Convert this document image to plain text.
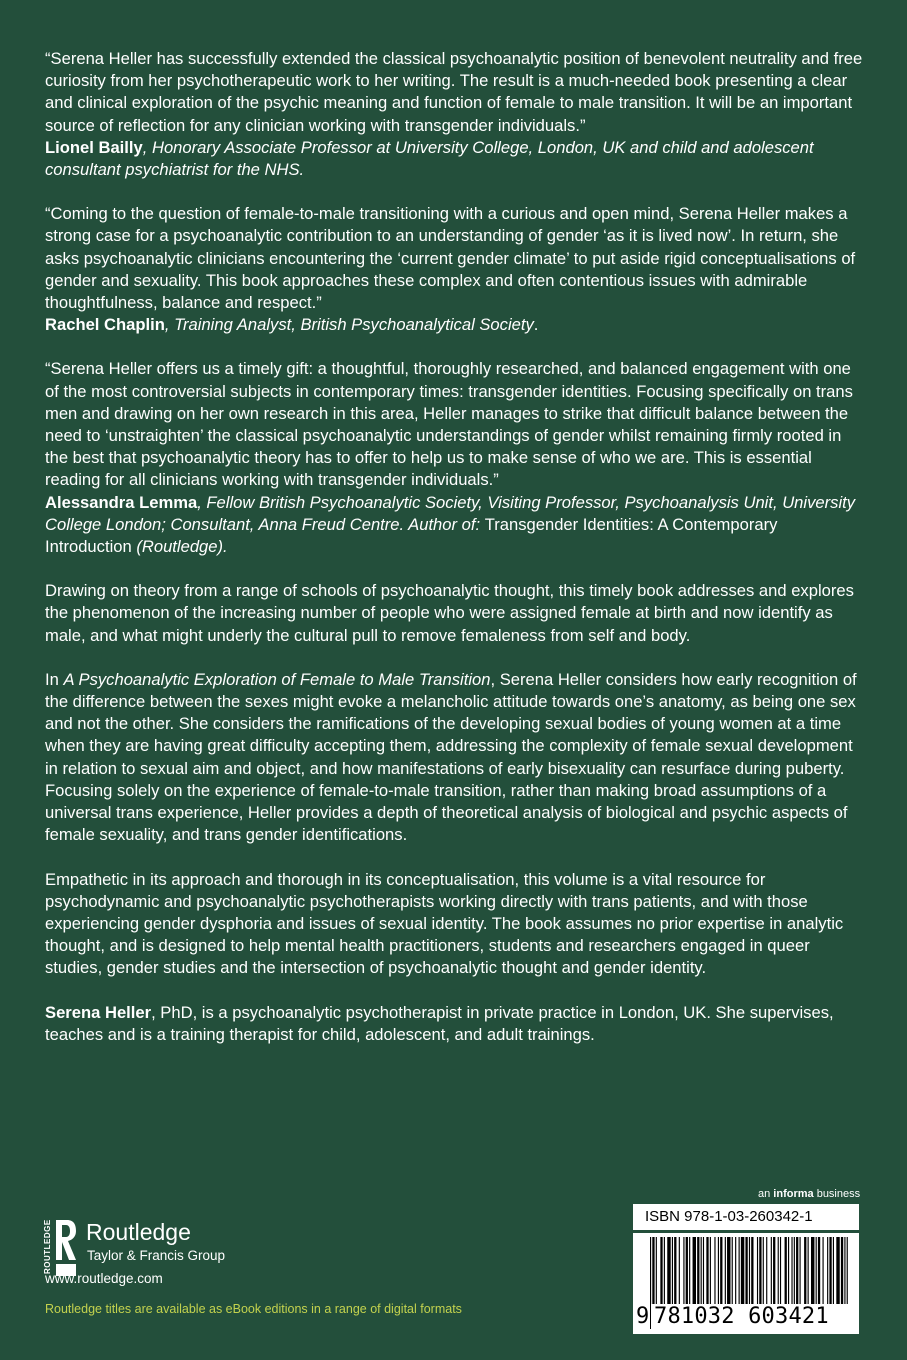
“Serena Heller has successfully extended the classical psychoanalytic position of benevolent neutrality and free curiosity from her psychotherapeutic work to her writing. The result is a much-needed book presenting a clear and clinical exploration of the psychic meaning and function of female to male transition. It will be an important source of reflection for any clinician working with transgender individuals.”

Lionel Bailly, Honorary Associate Professor at University College, London, UK and child and adolescent consultant psychiatrist for the NHS.

“Coming to the question of female-to-male transitioning with a curious and open mind, Serena Heller makes a strong case for a psychoanalytic contribution to an understanding of gender ‘as it is lived now’. In return, she asks psychoanalytic clinicians encountering the ‘current gender climate’ to put aside rigid conceptualisations of gender and sexuality. This book approaches these complex and often contentious issues with admirable thoughtfulness, balance and respect.”

Rachel Chaplin, Training Analyst, British Psychoanalytical Society.

“Serena Heller offers us a timely gift: a thoughtful, thoroughly researched, and balanced engagement with one of the most controversial subjects in contemporary times: transgender identities. Focusing specifically on trans men and drawing on her own research in this area, Heller manages to strike that difficult balance between the need to ‘unstraighten’ the classical psychoanalytic understandings of gender whilst remaining firmly rooted in the best that psychoanalytic theory has to offer to help us to make sense of who we are. This is essential reading for all clinicians working with transgender individuals.”

Alessandra Lemma, Fellow British Psychoanalytic Society, Visiting Professor, Psychoanalysis Unit, University College London; Consultant, Anna Freud Centre. Author of: Transgender Identities: A Contemporary Introduction (Routledge).

Drawing on theory from a range of schools of psychoanalytic thought, this timely book addresses and explores the phenomenon of the increasing number of people who were assigned female at birth and now identify as male, and what might underly the cultural pull to remove femaleness from self and body.

In A Psychoanalytic Exploration of Female to Male Transition, Serena Heller considers how early recognition of the difference between the sexes might evoke a melancholic attitude towards one’s anatomy, as being one sex and not the other. She considers the ramifications of the developing sexual bodies of young women at a time when they are having great difficulty accepting them, addressing the complexity of female sexual development in relation to sexual aim and object, and how manifestations of early bisexuality can resurface during puberty. Focusing solely on the experience of female-to-male transition, rather than making broad assumptions of a universal trans experience, Heller provides a depth of theoretical analysis of biological and psychic aspects of female sexuality, and trans gender identifications.

Empathetic in its approach and thorough in its conceptualisation, this volume is a vital resource for psychodynamic and psychoanalytic psychotherapists working directly with trans patients, and with those experiencing gender dysphoria and issues of sexual identity. The book assumes no prior expertise in analytic thought, and is designed to help mental health practitioners, students and researchers engaged in queer studies, gender studies and the intersection of psychoanalytic thought and gender identity.

Serena Heller, PhD, is a psychoanalytic psychotherapist in private practice in London, UK. She supervises, teaches and is a training therapist for child, adolescent, and adult trainings.

ROUTLEDGE Routledge
Taylor & Francis Group
www.routledge.com
Routledge titles are available as eBook editions in a range of digital formats
an informa business
ISBN 978-1-03-260342-1
9 781032 603421
